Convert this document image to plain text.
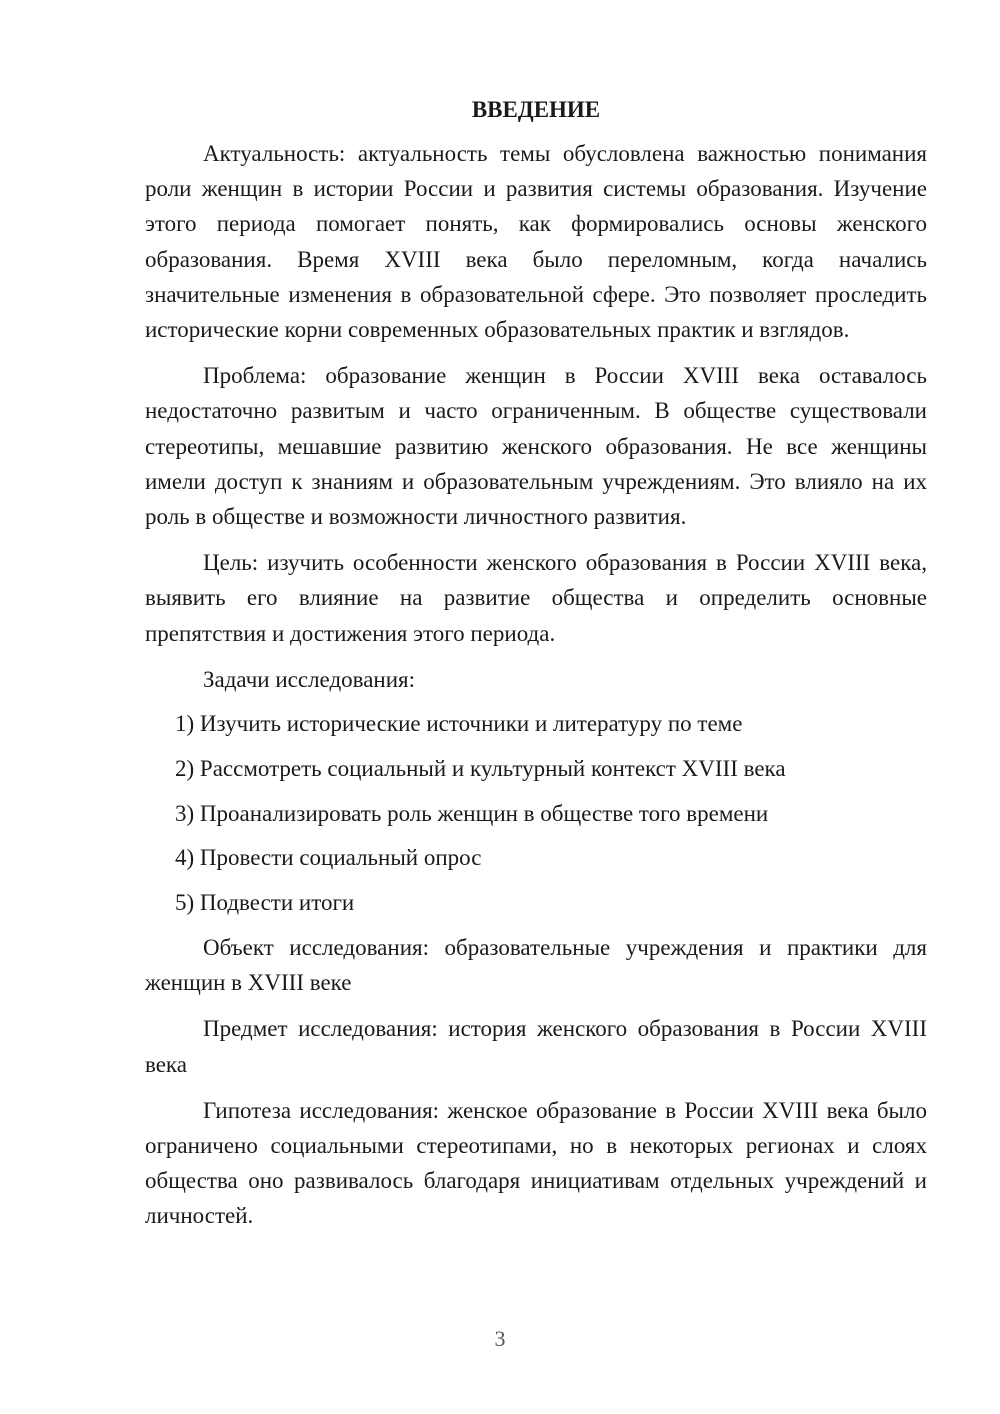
ВВЕДЕНИЕ

Актуальность: актуальность темы обусловлена важностью понимания роли женщин в истории России и развития системы образования. Изучение этого периода помогает понять, как формировались основы женского образования. Время XVIII века было переломным, когда начались значительные изменения в образовательной сфере. Это позволяет проследить исторические корни современных образовательных практик и взглядов.

Проблема: образование женщин в России XVIII века оставалось недостаточно развитым и часто ограниченным. В обществе существовали стереотипы, мешавшие развитию женского образования. Не все женщины имели доступ к знаниям и образовательным учреждениям. Это влияло на их роль в обществе и возможности личностного развития.

Цель: изучить особенности женского образования в России XVIII века, выявить его влияние на развитие общества и определить основные препятствия и достижения этого периода.

Задачи исследования:

1) Изучить исторические источники и литературу по теме
2) Рассмотреть социальный и культурный контекст XVIII века
3) Проанализировать роль женщин в обществе того времени
4) Провести социальный опрос
5) Подвести итоги

Объект исследования: образовательные учреждения и практики для женщин в XVIII веке

Предмет исследования: история женского образования в России XVIII века

Гипотеза исследования: женское образование в России XVIII века было ограничено социальными стереотипами, но в некоторых регионах и слоях общества оно развивалось благодаря инициативам отдельных учреждений и личностей.

3
